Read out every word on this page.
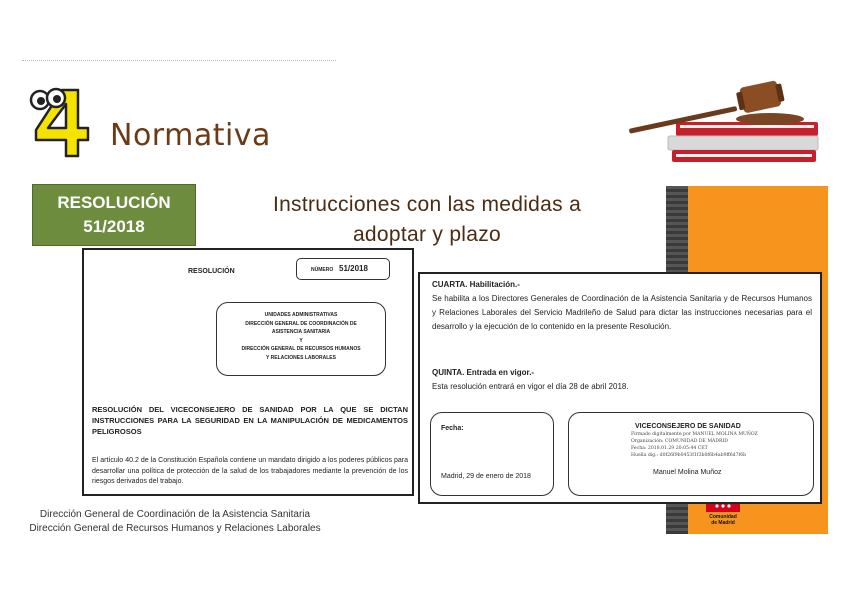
Normativa
Comunidad
de Madrid
RESOLUCIÓN
51/2018
Instrucciones con las medidas a
adoptar y plazo
RESOLUCIÓN	NÚMERO 51/2018
UNIDADES ADMINISTRATIVAS
DIRECCIÓN GENERAL DE COORDINACIÓN DE
ASISTENCIA SANITARIA
Y
DIRECCIÓN GENERAL DE RECURSOS HUMANOS
Y RELACIONES LABORALES
RESOLUCIÓN DEL VICECONSEJERO DE SANIDAD POR LA QUE SE DICTAN INSTRUCCIONES PARA LA SEGURIDAD EN LA MANIPULACIÓN DE MEDICAMENTOS PELIGROSOS
El artículo 40.2 de la Constitución Española contiene un mandato dirigido a los poderes públicos para desarrollar una política de protección de la salud de los trabajadores mediante la prevención de los riesgos derivados del trabajo.
CUARTA. Habilitación.-
Se habilita a los Directores Generales de Coordinación de la Asistencia Sanitaria y de Recursos Humanos y Relaciones Laborales del Servicio Madrileño de Salud para dictar las instrucciones necesarias para el desarrollo y la ejecución de lo contenido en la presente Resolución.
QUINTA. Entrada en vigor.-
Esta resolución entrará en vigor el día 28 de abril 2018.
Fecha:
Madrid, 29 de enero de 2018
VICECONSEJERO DE SANIDAD
Firmado digitalmente por MANUEL MOLINA MUÑOZ
Organización: COMUNIDAD DE MADRID
Fecha: 2018.01.29 20:05:44 CET
Huella dig.: d0f26f9b0453f1f3b0f6b4ab9ff6d7f6b
Manuel Molina Muñoz
Dirección General de Coordinación de la Asistencia Sanitaria
Dirección General de Recursos Humanos y Relaciones Laborales
